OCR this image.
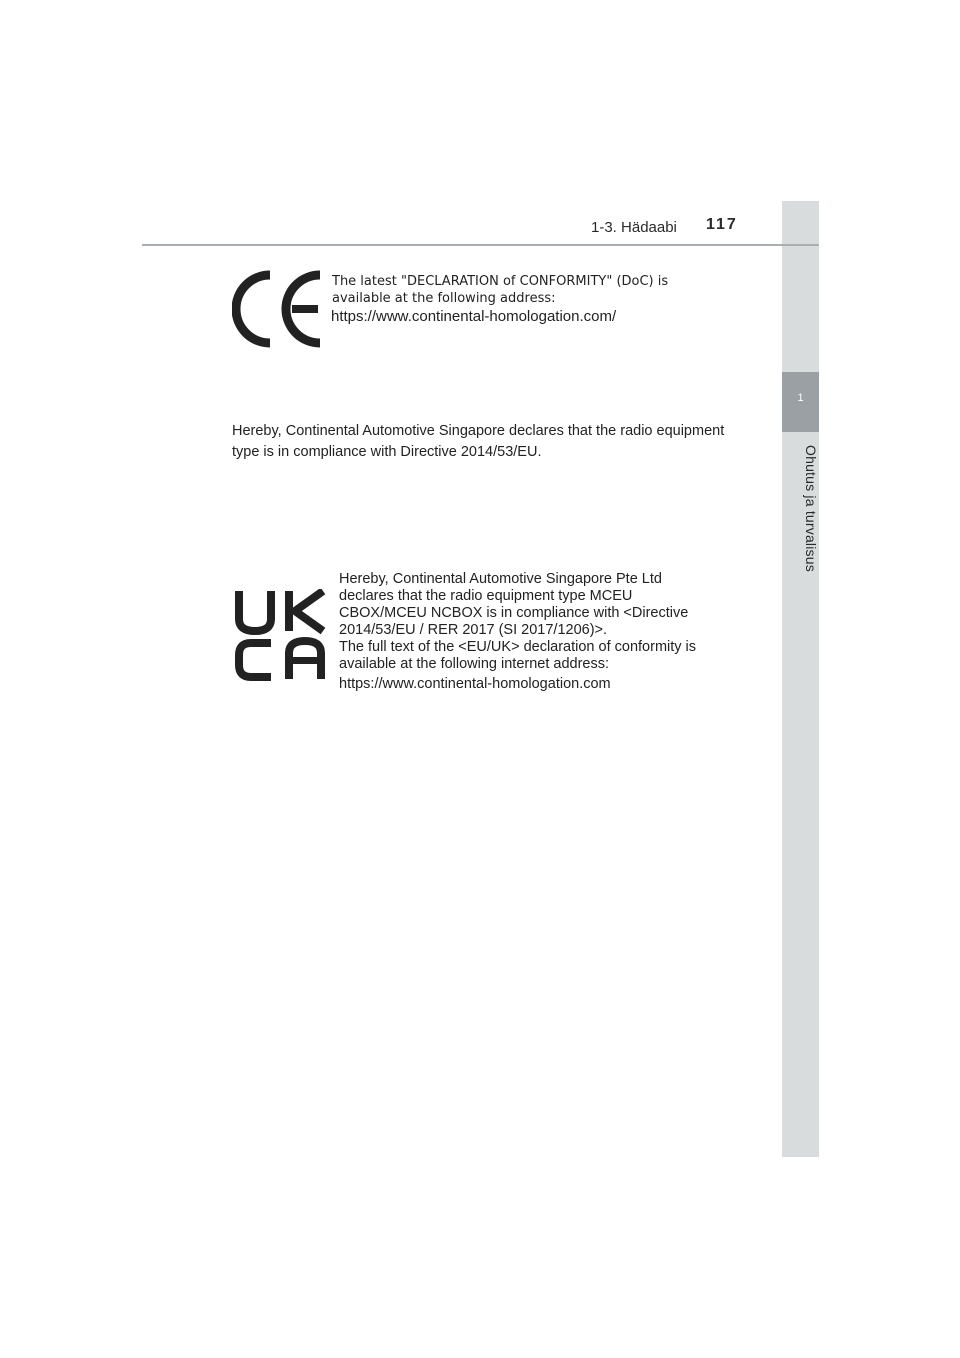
1
Ohutus ja turvalisus
1-3. Hädaabi 117
The latest "DECLARATION of CONFORMITY" (DoC) is
available at the following address:
https://www.continental-homologation.com/
Hereby, Continental Automotive Singapore declares that the radio equipment
type is in compliance with Directive 2014/53/EU.
Hereby, Continental Automotive Singapore Pte Ltd
declares that the radio equipment type MCEU
CBOX/MCEU NCBOX is in compliance with <Directive
2014/53/EU / RER 2017 (SI 2017/1206)>.
The full text of the <EU/UK> declaration of conformity is
available at the following internet address:
https://www.continental-homologation.com
